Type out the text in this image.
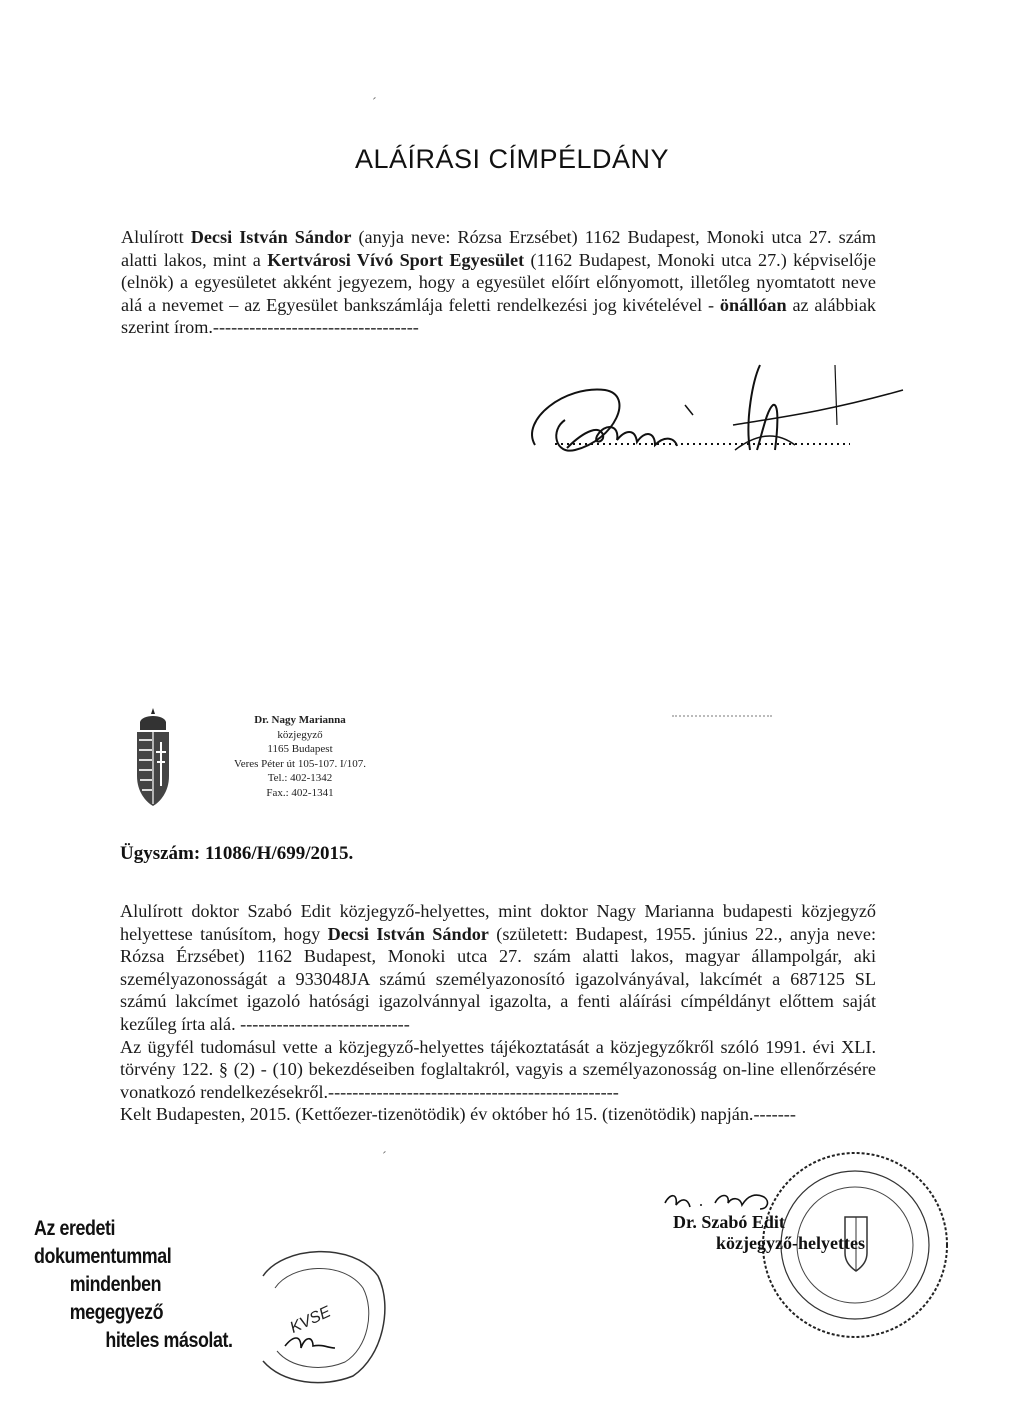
ALÁÍRÁSI CÍMPÉLDÁNY
Alulírott Decsi István Sándor (anyja neve: Rózsa Erzsébet) 1162 Budapest, Monoki utca 27. szám alatti lakos, mint a Kertvárosi Vívó Sport Egyesület (1162 Budapest, Monoki utca 27.) képviselője (elnök) a egyesületet akként jegyezem, hogy a egyesület előírt előnyomott, illetőleg nyomtatott neve alá a nevemet – az Egyesület bankszámlája feletti rendelkezési jog kivételével - önállóan az alábbiak szerint írom.----------------------------------
Dr. Nagy Marianna
közjegyző
1165 Budapest
Veres Péter út 105-107. I/107.
Tel.: 402-1342
Fax.: 402-1341
Ügyszám: 11086/H/699/2015.
Alulírott doktor Szabó Edit közjegyző-helyettes, mint doktor Nagy Marianna budapesti közjegyző helyettese tanúsítom, hogy Decsi István Sándor (született: Budapest, 1955. június 22., anyja neve: Rózsa Érzsébet) 1162 Budapest, Monoki utca 27. szám alatti lakos, magyar állampolgár, aki személyazonosságát a 933048JA számú személyazonosító igazolványával, lakcímét a 687125 SL számú lakcímet igazoló hatósági igazolvánnyal igazolta, a fenti aláírási címpéldányt előttem saját kezűleg írta alá. ----------------------------
Az ügyfél tudomásul vette a közjegyző-helyettes tájékoztatását a közjegyzőkről szóló 1991. évi XLI. törvény 122. § (2) - (10) bekezdéseiben foglaltakról, vagyis a személyazonosság on-line ellenőrzésére vonatkozó rendelkezésekről.------------------------------------------------
Kelt Budapesten, 2015. (Kettőezer-tizenötödik) év október hó 15. (tizenötödik) napján.-------
Az eredeti dokumentummal
mindenben megegyező
hiteles másolat.
KVSE
Dr. Szabó Edit
közjegyző-helyettes
´
´
